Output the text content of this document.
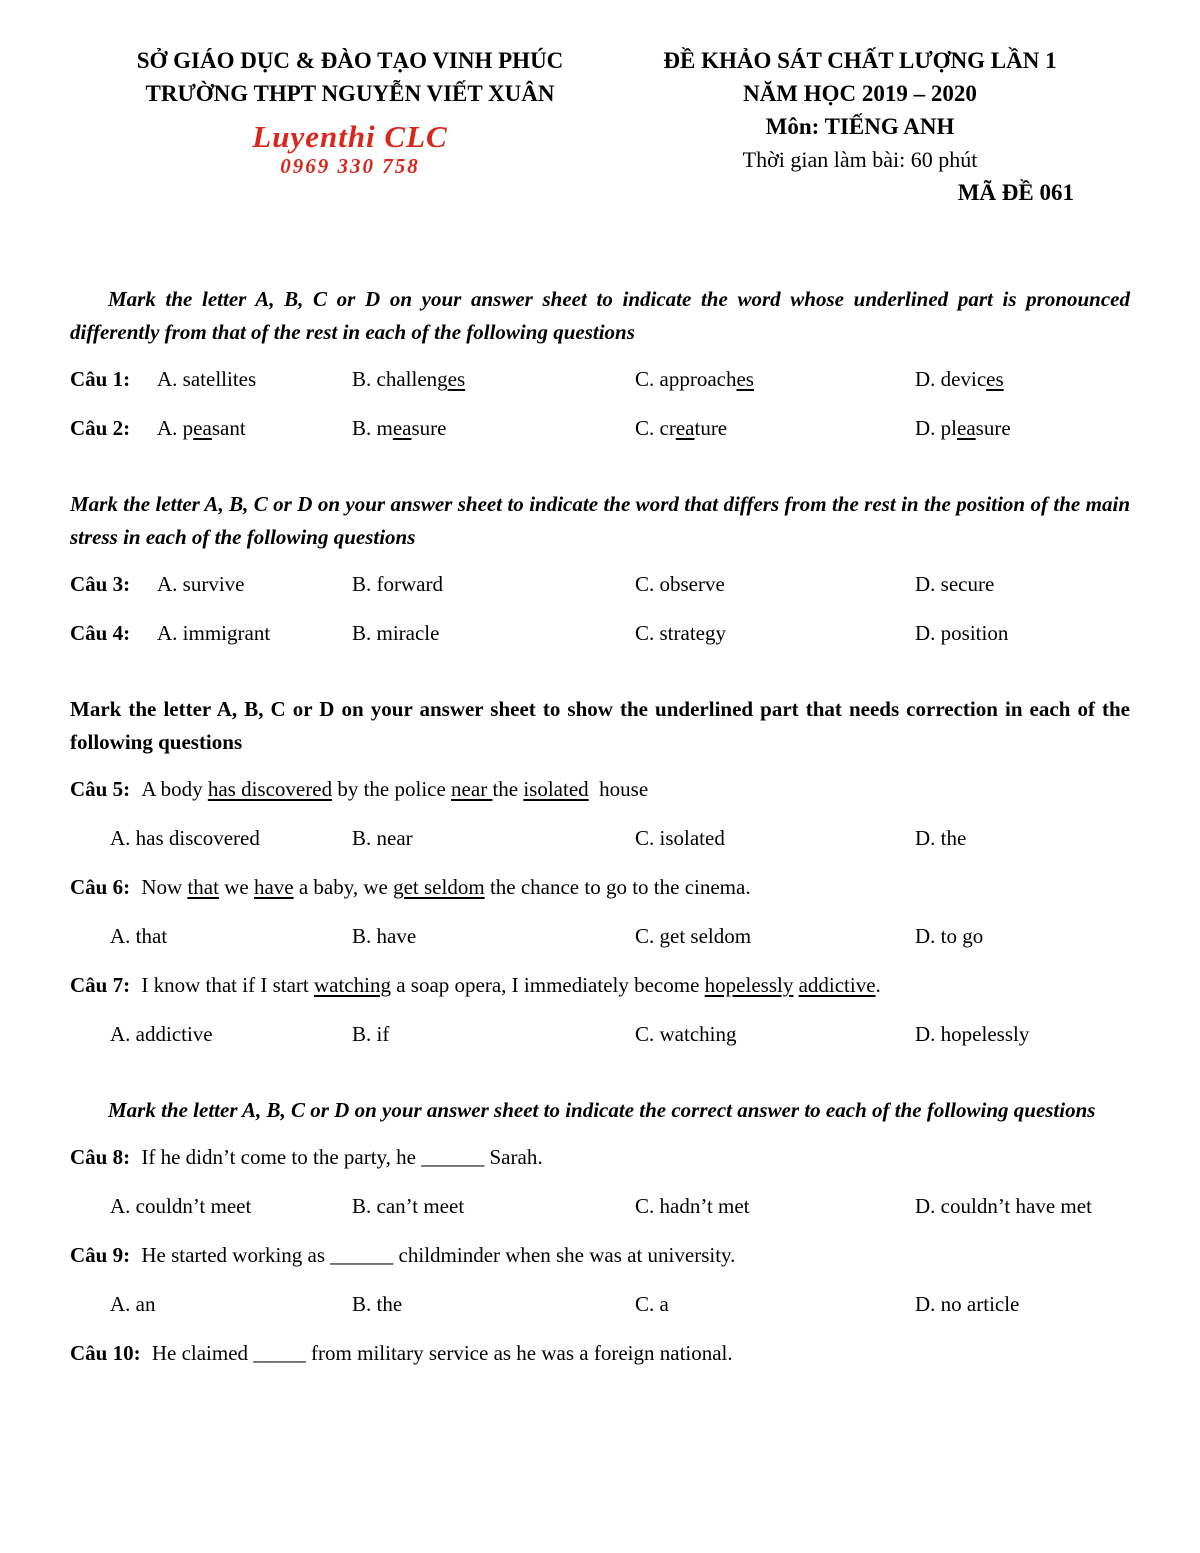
SỞ GIÁO DỤC & ĐÀO TẠO VINH PHÚC
TRƯỜNG THPT NGUYỄN VIẾT XUÂN
Luyenthi CLC
0969 330 758
ĐỀ KHẢO SÁT CHẤT LƯỢNG LẦN 1
NĂM HỌC 2019 – 2020
Môn: TIẾNG ANH
Thời gian làm bài: 60 phút
MÃ ĐỀ 061

Mark the letter A, B, C or D on your answer sheet to indicate the word whose underlined part is pronounced differently from that of the rest in each of the following questions

Câu 1:	A. satellites	B. challenges	C. approaches	D. devices
Câu 2:	A. peasant	B. measure	C. creature	D. pleasure

Mark the letter A, B, C or D on your answer sheet to indicate the word that differs from the rest in the position of the main stress in each of the following questions

Câu 3:	A. survive	B. forward	C. observe	D. secure
Câu 4:	A. immigrant	B. miracle	C. strategy	D. position

Mark the letter A, B, C or D on your answer sheet to show the underlined part that needs correction in each of the following questions

Câu 5: A body has discovered by the police near the isolated  house
A. has discovered	B. near	C. isolated	D. the
Câu 6: Now that we have a baby, we get seldom the chance to go to the cinema.
A. that	B. have	C. get seldom	D. to go
Câu 7: I know that if I start watching a soap opera, I immediately become hopelessly addictive.
A. addictive	B. if	C. watching	D. hopelessly

Mark the letter A, B, C or D on your answer sheet to indicate the correct answer to each of the following questions

Câu 8: If he didn’t come to the party, he ______ Sarah.
A. couldn’t meet	B. can’t meet	C. hadn’t met	D. couldn’t have met
Câu 9: He started working as ______ childminder when she was at university.
A. an	B. the	C. a	D. no article
Câu 10: He claimed _____ from military service as he was a foreign national.
